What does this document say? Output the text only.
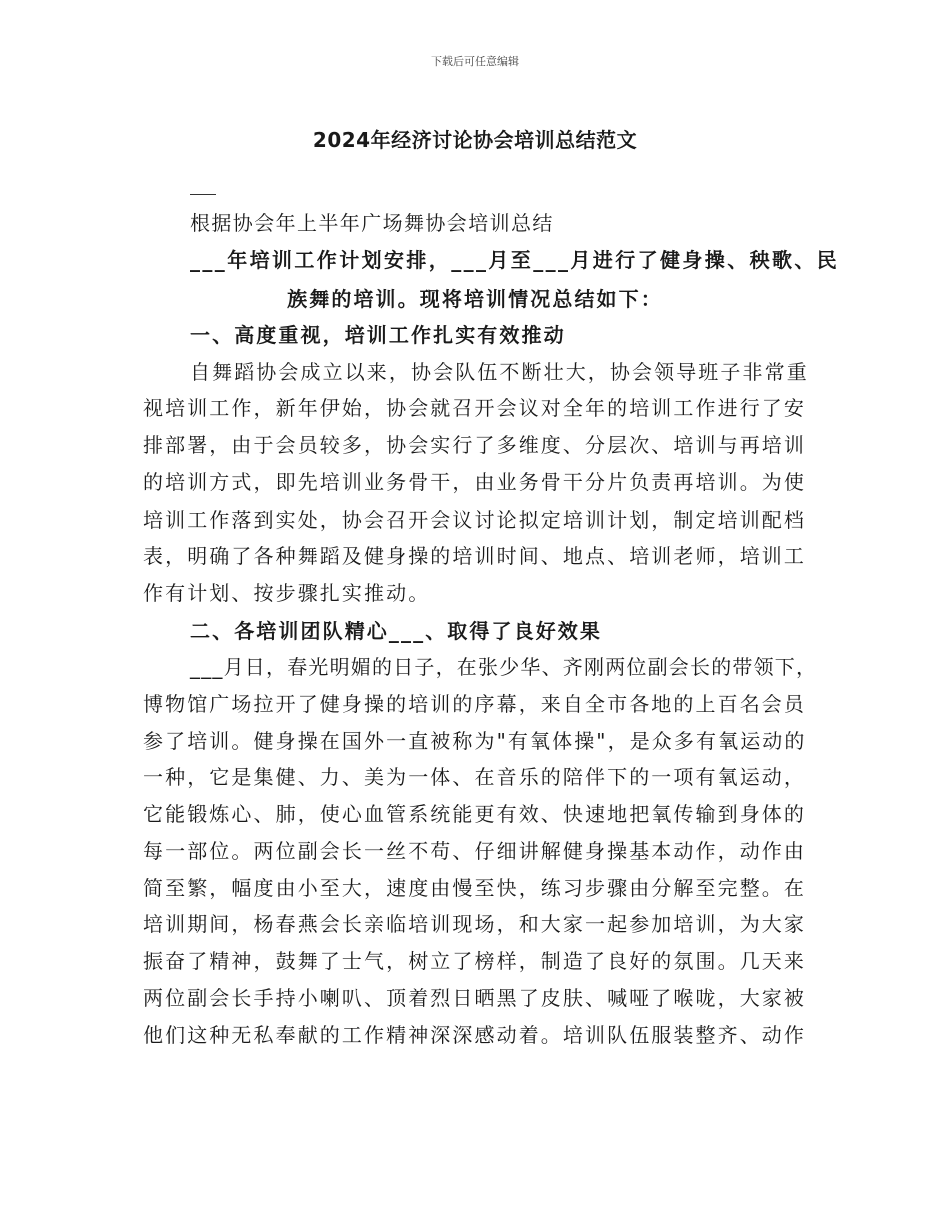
下载后可任意编辑
2024年经济讨论协会培训总结范文
根据协会年上半年广场舞协会培训总结
___年培训工作计划安排，___月至___月进行了健身操、秧歌、民
族舞的培训。现将培训情况总结如下：
一、高度重视，培训工作扎实有效推动
自舞蹈协会成立以来，协会队伍不断壮大，协会领导班子非常重
视培训工作，新年伊始，协会就召开会议对全年的培训工作进行了安
排部署，由于会员较多，协会实行了多维度、分层次、培训与再培训
的培训方式，即先培训业务骨干，由业务骨干分片负责再培训。为使
培训工作落到实处，协会召开会议讨论拟定培训计划，制定培训配档
表，明确了各种舞蹈及健身操的培训时间、地点、培训老师，培训工
作有计划、按步骤扎实推动。
二、各培训团队精心___、取得了良好效果
___月日，春光明媚的日子，在张少华、齐刚两位副会长的带领下，
博物馆广场拉开了健身操的培训的序幕，来自全市各地的上百名会员
参了培训。健身操在国外一直被称为"有氧体操"，是众多有氧运动的
一种，它是集健、力、美为一体、在音乐的陪伴下的一项有氧运动，
它能锻炼心、肺，使心血管系统能更有效、快速地把氧传输到身体的
每一部位。两位副会长一丝不苟、仔细讲解健身操基本动作，动作由
简至繁，幅度由小至大，速度由慢至快，练习步骤由分解至完整。在
培训期间，杨春燕会长亲临培训现场，和大家一起参加培训，为大家
振奋了精神，鼓舞了士气，树立了榜样，制造了良好的氛围。几天来
两位副会长手持小喇叭、顶着烈日晒黑了皮肤、喊哑了喉咙，大家被
他们这种无私奉献的工作精神深深感动着。培训队伍服装整齐、动作
